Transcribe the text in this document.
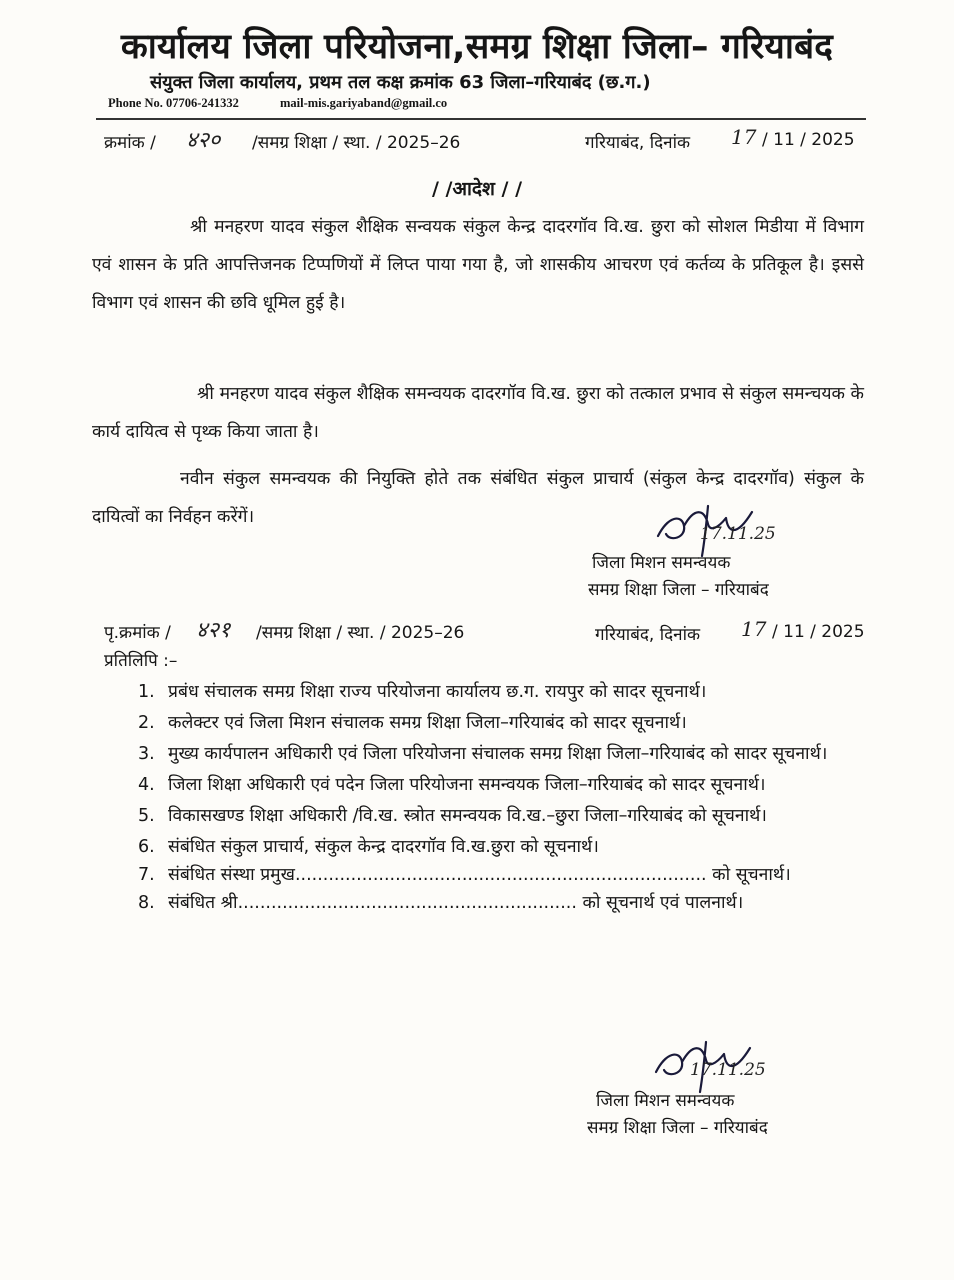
कार्यालय जिला परियोजना,समग्र शिक्षा जिला– गरियाबंद
संयुक्त जिला कार्यालय, प्रथम तल कक्ष क्रमांक 63 जिला–गरियाबंद (छ.ग.)
Phone No. 07706-241332	mail-mis.gariyaband@gmail.co
क्रमांक / ४२० /समग्र शिक्षा / स्था. / 2025–26	गरियाबंद, दिनांक 17 / 11 / 2025
/ /आदेश / /
श्री मनहरण यादव संकुल शैक्षिक सन्वयक संकुल केन्द्र दादरगॉव वि.ख. छुरा को सोशल मिडीया में विभाग एवं शासन के प्रति आपत्तिजनक टिप्पणियों में लिप्त पाया गया है, जो शासकीय आचरण एवं कर्तव्य के प्रतिकूल है। इससे विभाग एवं शासन की छवि धूमिल हुई है।
श्री मनहरण यादव संकुल शैक्षिक समन्वयक दादरगॉव वि.ख. छुरा को तत्काल प्रभाव से संकुल समन्चयक के कार्य दायित्व से पृथ्क किया जाता है।
नवीन संकुल समन्वयक की नियुक्ति होते तक संबंधित संकुल प्राचार्य (संकुल केन्द्र दादरगॉव) संकुल के दायित्वों का निर्वहन करेंगें।
17.11.25
जिला मिशन समन्वयक
समग्र शिक्षा जिला – गरियाबंद
पृ.क्रमांक / ४२१ /समग्र शिक्षा / स्था. / 2025–26	गरियाबंद, दिनांक 17 / 11 / 2025
प्रतिलिपि :–
1. प्रबंध संचालक समग्र शिक्षा राज्य परियोजना कार्यालय छ.ग. रायपुर को सादर सूचनार्थ।
2. कलेक्टर एवं जिला मिशन संचालक समग्र शिक्षा जिला–गरियाबंद को सादर सूचनार्थ।
3. मुख्य कार्यपालन अधिकारी एवं जिला परियोजना संचालक समग्र शिक्षा जिला–गरियाबंद को सादर सूचनार्थ।
4. जिला शिक्षा अधिकारी एवं पदेन जिला परियोजना समन्वयक जिला–गरियाबंद को सादर सूचनार्थ।
5. विकासखण्ड शिक्षा अधिकारी /वि.ख. स्त्रोत समन्वयक वि.ख.–छुरा जिला–गरियाबंद को सूचनार्थ।
6. संबंधित संकुल प्राचार्य, संकुल केन्द्र दादरगॉव वि.ख.छुरा को सूचनार्थ।
7. संबंधित संस्था प्रमुख.......................................................................... को सूचनार्थ।
8. संबंधित श्री............................................................. को सूचनार्थ एवं पालनार्थ।
17.11.25
जिला मिशन समन्वयक
समग्र शिक्षा जिला – गरियाबंद
